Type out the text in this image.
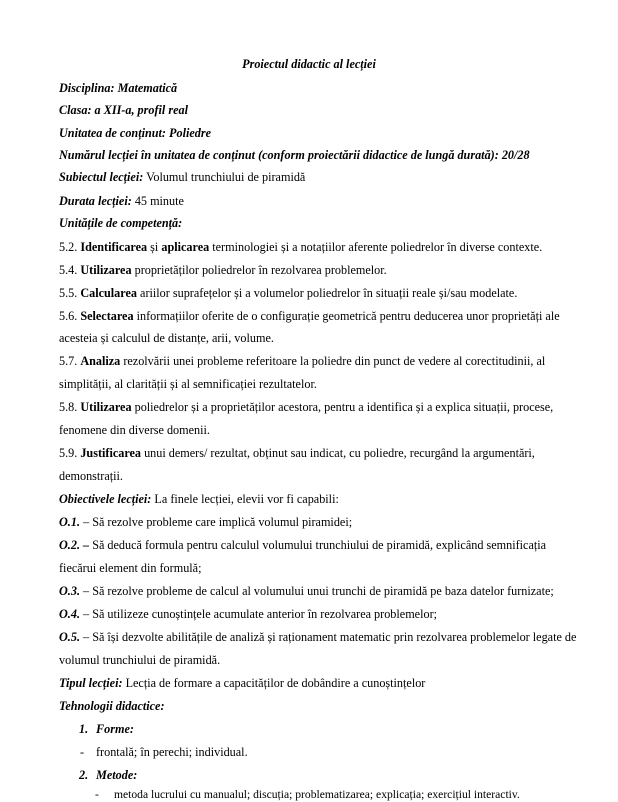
Proiectul didactic al lecției
Disciplina: Matematică
Clasa: a XII-a, profil real
Unitatea de conținut: Poliedre
Numărul lecției în unitatea de conținut (conform proiectării didactice de lungă durată): 20/28
Subiectul lecției: Volumul trunchiului de piramidă
Durata lecției: 45 minute
Unitățile de competență:
5.2. Identificarea și aplicarea terminologiei și a notațiilor aferente poliedrelor în diverse contexte.
5.4. Utilizarea proprietăților poliedrelor în rezolvarea problemelor.
5.5. Calcularea ariilor suprafețelor și a volumelor poliedrelor în situații reale și/sau modelate.
5.6. Selectarea informațiilor oferite de o configurație geometrică pentru deducerea unor proprietăți ale
acesteia și calculul de distanțe, arii, volume.
5.7. Analiza rezolvării unei probleme referitoare la poliedre din punct de vedere al corectitudinii, al
simplității, al clarității și al semnificației rezultatelor.
5.8. Utilizarea poliedrelor și a proprietăților acestora, pentru a identifica și a explica situații, procese,
fenomene din diverse domenii.
5.9. Justificarea unui demers/ rezultat, obținut sau indicat, cu poliedre, recurgând la argumentări,
demonstrații.
Obiectivele lecției: La finele lecției, elevii vor fi capabili:
O.1. – Să rezolve probleme care implică volumul piramidei;
O.2. – Să deducă formula pentru calculul volumului trunchiului de piramidă, explicând semnificația
fiecărui element din formulă;
O.3. – Să rezolve probleme de calcul al volumului unui trunchi de piramidă pe baza datelor furnizate;
O.4. – Să utilizeze cunoștințele acumulate anterior în rezolvarea problemelor;
O.5. – Să își dezvolte abilitățile de analiză și raționament matematic prin rezolvarea problemelor legate de
volumul trunchiului de piramidă.
Tipul lecției: Lecția de formare a capacităților de dobândire a cunoștințelor
Tehnologii didactice:
1. Forme:
- frontală; în perechi; individual.
2. Metode:
- metoda lucrului cu manualul; discuția; problematizarea; explicația; exercițiul interactiv.
